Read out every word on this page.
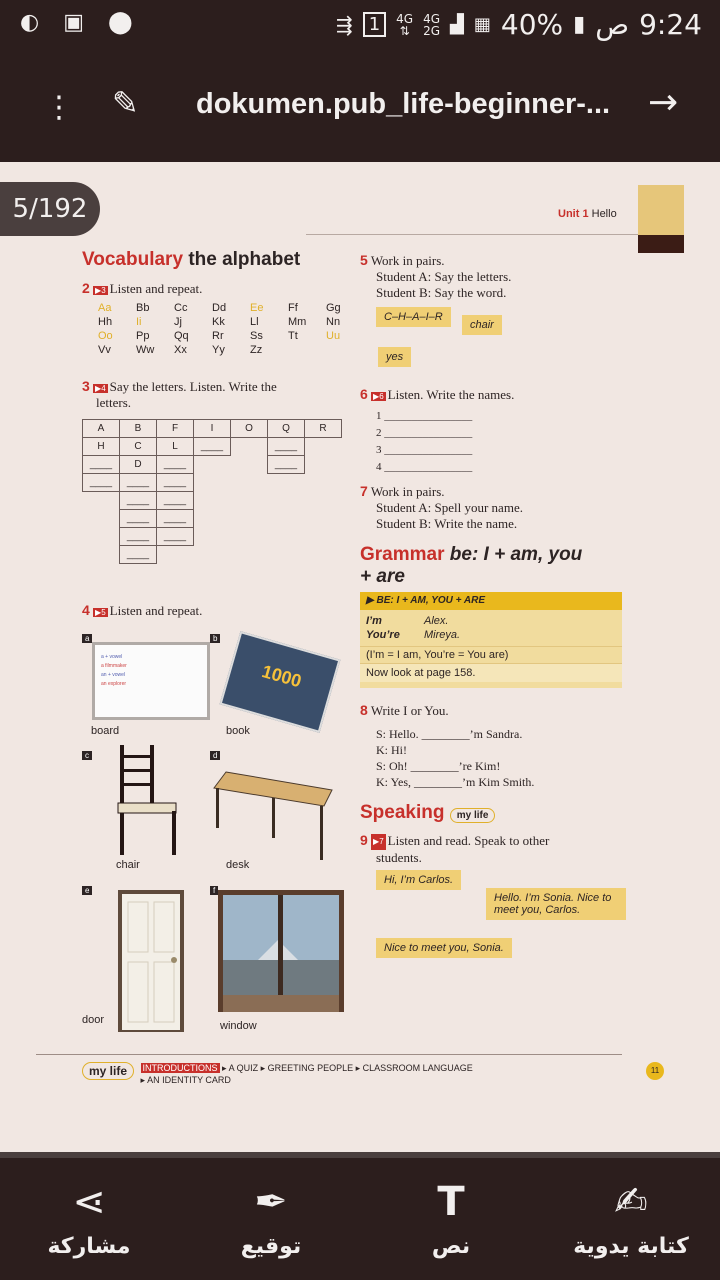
◐ ▣ ⬤	⇶ 1	4G
⇅
4G
2G ▟ ▦ 40% ▮ ص 9:24
⋮ ✎ dokumen.pub_life-beginner-...	→
Unit 1 Hello
Vocabulary the alphabet
2 ▶3 Listen and repeat.
Aa	Bb	Cc	Dd	Ee	Ff	Gg
Hh	Ii	Jj	Kk	Ll	Mm	Nn
Oo	Pp	Qq	Rr	Ss	Tt	Uu
Vv	Ww	Xx	Yy	Zz
3 ▶4 Say the letters. Listen. Write the
letters.
A	B	F	I	O	Q	R
H	C	L	____		____	
____	D	____			____	
____	____	____				
	____	____				
	____	____				
	____	____				
	____					
4 ▶5 Listen and repeat.
a
a + vowel
a filmmaker
an + vowel
an explorer
board
b
1000
book
c
chair
d
desk
e
door
f
window
5 Work in pairs.
Student A: Say the letters.
Student B: Say the word.
C–H–A–I–R
chair
yes
6 ▶6 Listen. Write the names.
1 ________________
2 ________________
3 ________________
4 ________________
7 Work in pairs.
Student A: Spell your name.
Student B: Write the name.
Grammar be: I + am, you
+ are
▶ BE: I + AM, YOU + ARE
I’m	Alex.
You’re Mireya.
(I’m = I am, You’re = You are)
Now look at page 158.
8 Write I or You.
S: Hello. ________’m Sandra.
K: Hi!
S: Oh! ________’re Kim!
K: Yes, ________’m Kim Smith.
Speaking my life
9 ▶7 Listen and read. Speak to other
students.
Hi, I’m Carlos.
Hello. I’m Sonia. Nice to meet you, Carlos.
Nice to meet you, Sonia.
my life INTRODUCTIONS ▸ A QUIZ ▸ GREETING PEOPLE ▸ CLASSROOM LANGUAGE
▸ AN IDENTITY CARD
11
5/192
⋖
مشاركة
✒
توقيع
T
نص
✍
كتابة يدوية
